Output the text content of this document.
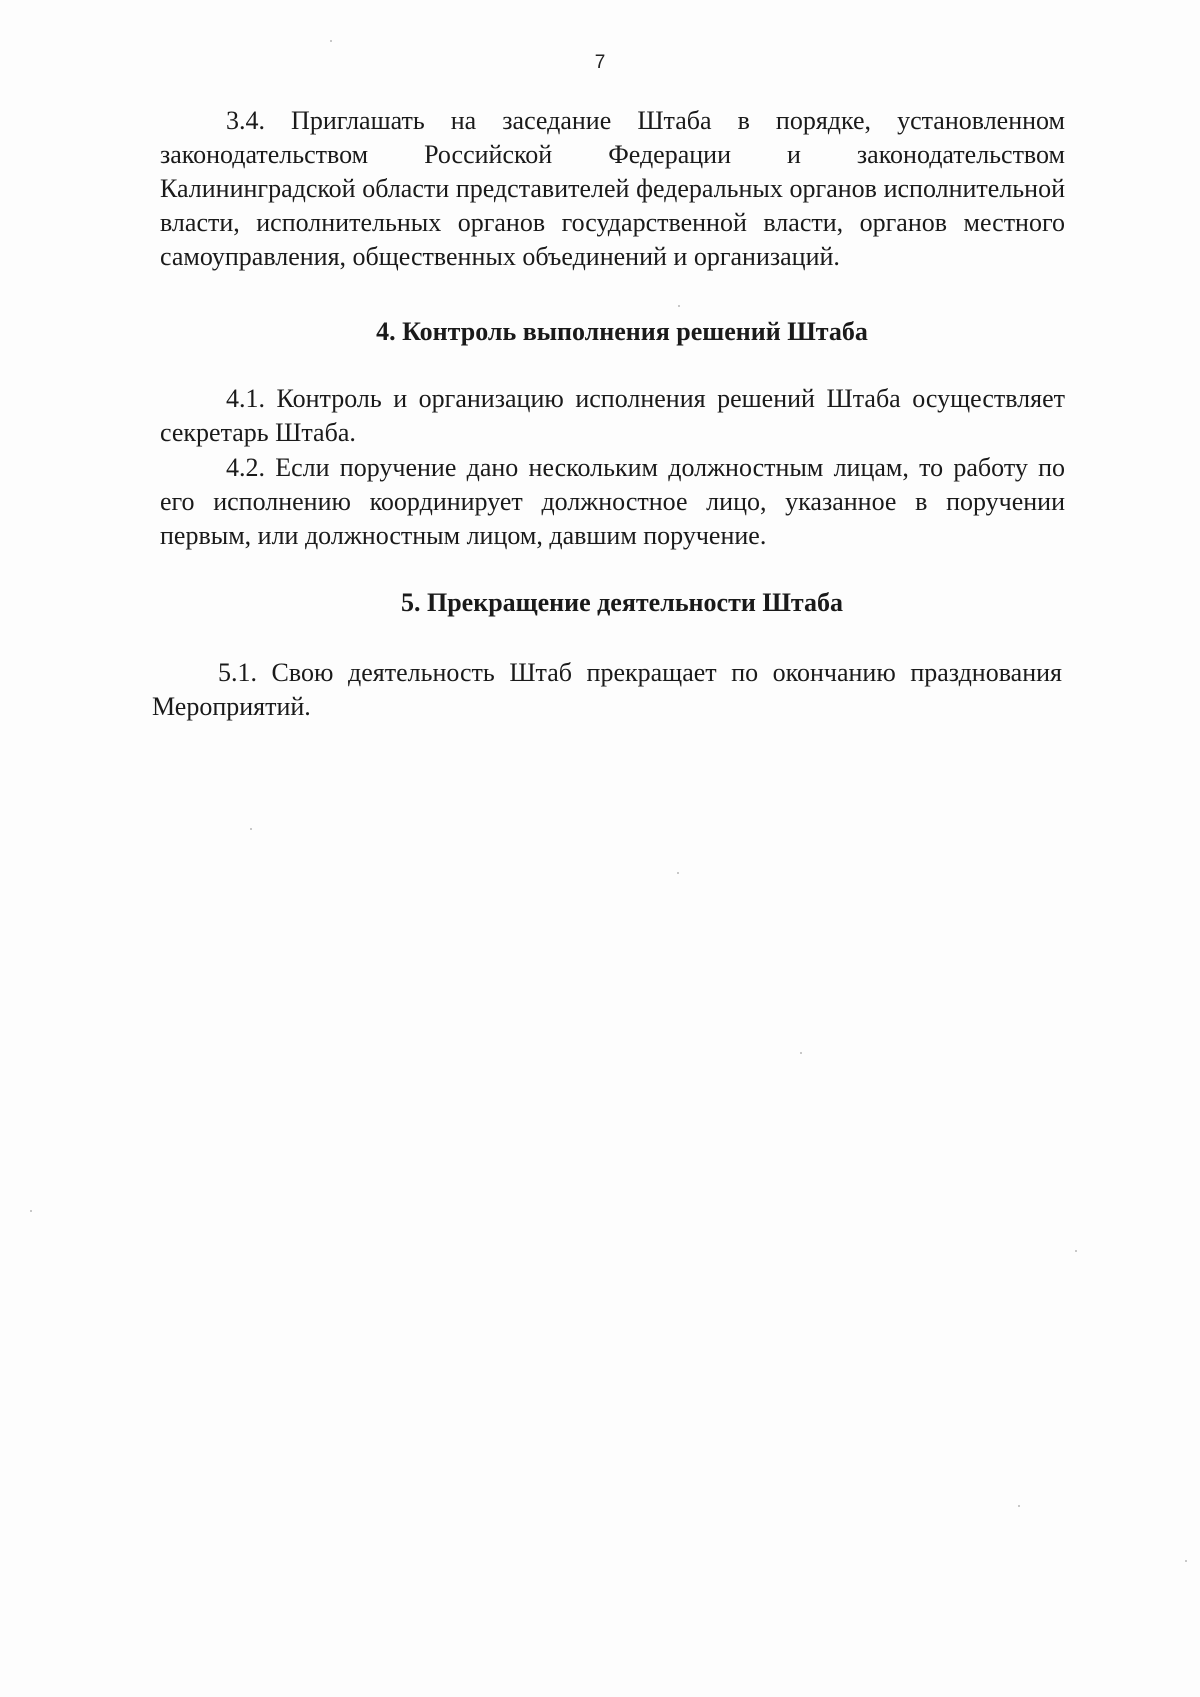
7

3.4. Приглашать на заседание Штаба в порядке, установленном законодательством Российской Федерации и законодательством Калининградской области представителей федеральных органов исполнительной власти, исполнительных органов государственной власти, органов местного самоуправления, общественных объединений и организаций.

4. Контроль выполнения решений Штаба

4.1. Контроль и организацию исполнения решений Штаба осуществляет секретарь Штаба.

4.2. Если поручение дано нескольким должностным лицам, то работу по его исполнению координирует должностное лицо, указанное в поручении первым, или должностным лицом, давшим поручение.

5. Прекращение деятельности Штаба

5.1. Свою деятельность Штаб прекращает по окончанию празднования Мероприятий.
